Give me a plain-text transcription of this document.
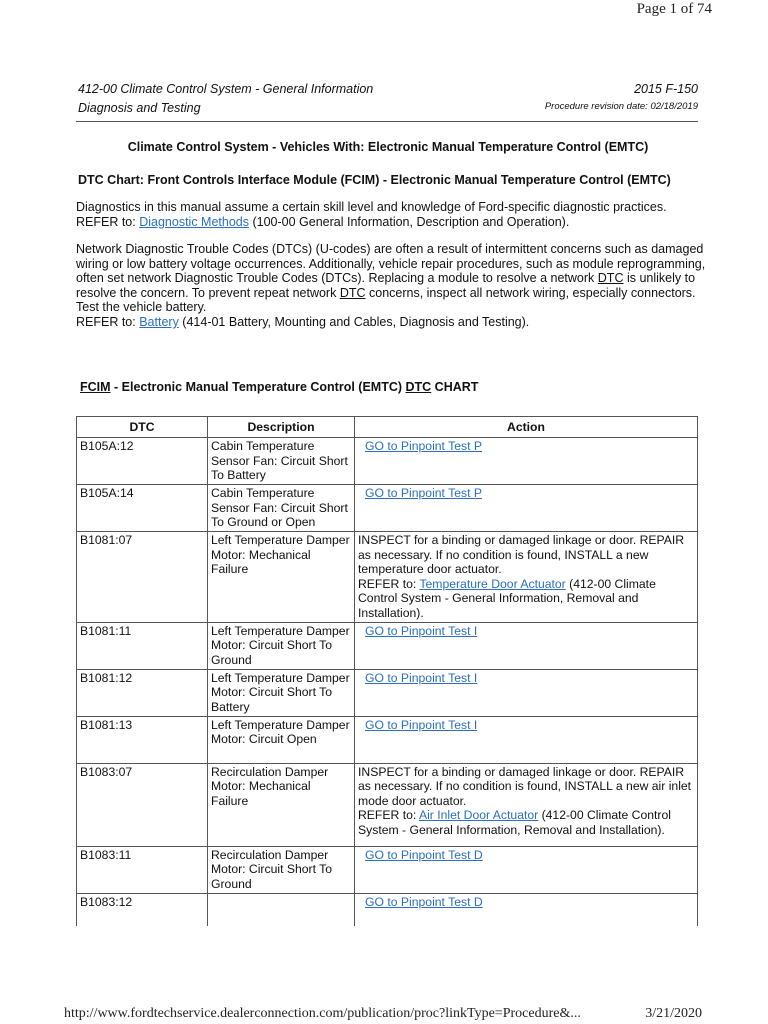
Page 1 of 74
412-00 Climate Control System - General Information
Diagnosis and Testing
2015 F-150
Procedure revision date: 02/18/2019
Climate Control System - Vehicles With: Electronic Manual Temperature Control (EMTC)
DTC Chart: Front Controls Interface Module (FCIM) - Electronic Manual Temperature Control (EMTC)
Diagnostics in this manual assume a certain skill level and knowledge of Ford-specific diagnostic practices.
REFER to: Diagnostic Methods (100-00 General Information, Description and Operation).
Network Diagnostic Trouble Codes (DTCs) (U-codes) are often a result of intermittent concerns such as damaged wiring or low battery voltage occurrences. Additionally, vehicle repair procedures, such as module reprogramming, often set network Diagnostic Trouble Codes (DTCs). Replacing a module to resolve a network DTC is unlikely to resolve the concern. To prevent repeat network DTC concerns, inspect all network wiring, especially connectors. Test the vehicle battery.
REFER to: Battery (414-01 Battery, Mounting and Cables, Diagnosis and Testing).
FCIM - Electronic Manual Temperature Control (EMTC) DTC CHART
DTC	Description	Action
B105A:12	Cabin Temperature Sensor Fan: Circuit Short To Battery	GO to Pinpoint Test P
B105A:14	Cabin Temperature Sensor Fan: Circuit Short To Ground or Open	GO to Pinpoint Test P
B1081:07	Left Temperature Damper Motor: Mechanical Failure	INSPECT for a binding or damaged linkage or door. REPAIR as necessary. If no condition is found, INSTALL a new temperature door actuator.
REFER to: Temperature Door Actuator (412-00 Climate Control System - General Information, Removal and Installation).
B1081:11	Left Temperature Damper Motor: Circuit Short To Ground	GO to Pinpoint Test I
B1081:12	Left Temperature Damper Motor: Circuit Short To Battery	GO to Pinpoint Test I
B1081:13	Left Temperature Damper Motor: Circuit Open	GO to Pinpoint Test I
B1083:07	Recirculation Damper Motor: Mechanical Failure	INSPECT for a binding or damaged linkage or door. REPAIR as necessary. If no condition is found, INSTALL a new air inlet mode door actuator.
REFER to: Air Inlet Door Actuator (412-00 Climate Control System - General Information, Removal and Installation).
B1083:11	Recirculation Damper Motor: Circuit Short To Ground	GO to Pinpoint Test D
B1083:12		GO to Pinpoint Test D
http://www.fordtechservice.dealerconnection.com/publication/proc?linkType=Procedure&...	3/21/2020
